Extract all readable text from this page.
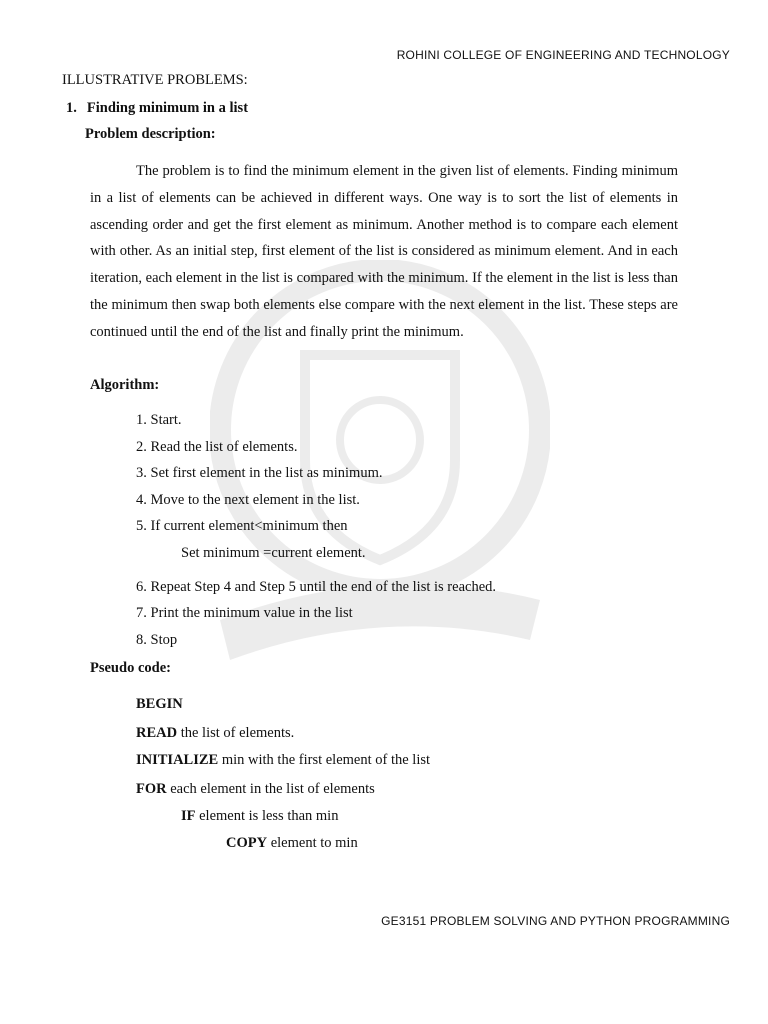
ROHINI COLLEGE OF ENGINEERING AND TECHNOLOGY
ILLUSTRATIVE PROBLEMS:
1. Finding minimum in a list
Problem description:
The problem is to find the minimum element in the given list of elements. Finding minimum in a list of elements can be achieved in different ways. One way is to sort the list of elements in ascending order and get the first element as minimum. Another method is to compare each element with other. As an initial step, first element of the list is considered as minimum element. And in each iteration, each element in the list is compared with the minimum. If the element in the list is less than the minimum then swap both elements else compare with the next element in the list. These steps are continued until the end of the list and finally print the minimum.
Algorithm:
1. Start.
2. Read the list of elements.
3. Set first element in the list as minimum.
4. Move to the next element in the list.
5. If current element<minimum then
Set minimum =current element.
6. Repeat Step 4 and Step 5 until the end of the list is reached.
7. Print the minimum value in the list
8. Stop
Pseudo code:
BEGIN
READ the list of elements.
INITIALIZE min with the first element of the list
FOR each element in the list of elements
IF element is less than min
COPY element to min
GE3151 PROBLEM SOLVING AND PYTHON PROGRAMMING
